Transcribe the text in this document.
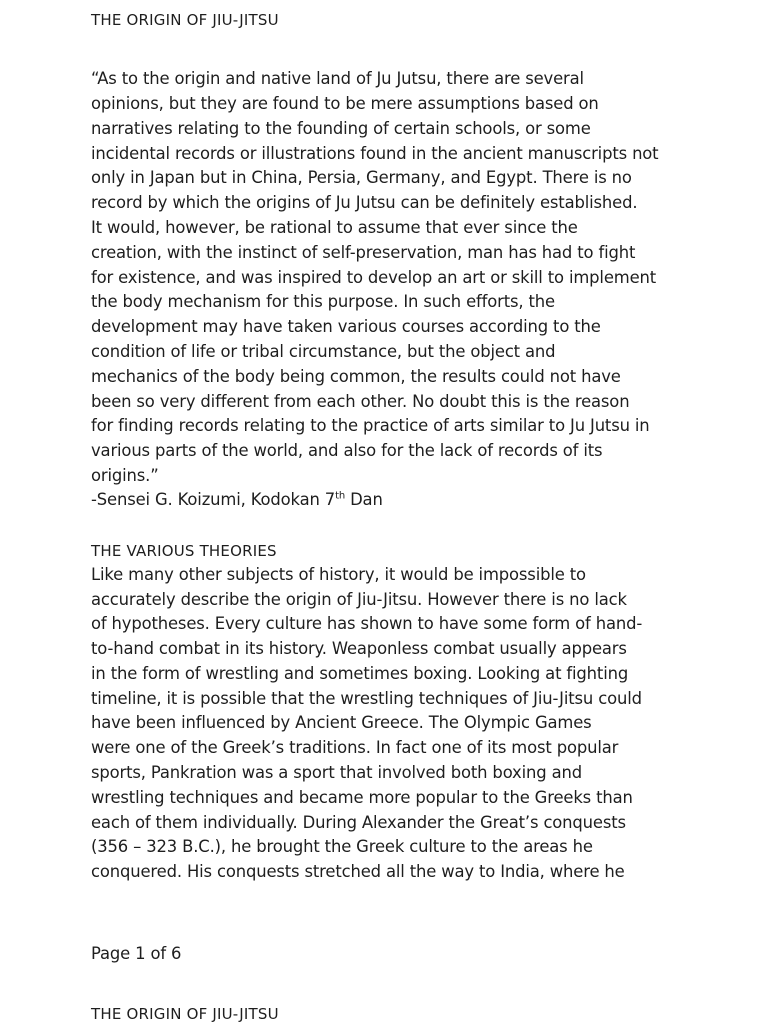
THE ORIGIN OF JIU-JITSU
“As to the origin and native land of Ju Jutsu, there are several
opinions, but they are found to be mere assumptions based on
narratives relating to the founding of certain schools, or some
incidental records or illustrations found in the ancient manuscripts not
only in Japan but in China, Persia, Germany, and Egypt. There is no
record by which the origins of Ju Jutsu can be definitely established.
It would, however, be rational to assume that ever since the
creation, with the instinct of self-preservation, man has had to fight
for existence, and was inspired to develop an art or skill to implement
the body mechanism for this purpose. In such efforts, the
development may have taken various courses according to the
condition of life or tribal circumstance, but the object and
mechanics of the body being common, the results could not have
been so very different from each other. No doubt this is the reason
for finding records relating to the practice of arts similar to Ju Jutsu in
various parts of the world, and also for the lack of records of its
origins.”
-Sensei G. Koizumi, Kodokan 7th Dan
THE VARIOUS THEORIES
Like many other subjects of history, it would be impossible to
accurately describe the origin of Jiu-Jitsu. However there is no lack
of hypotheses. Every culture has shown to have some form of hand-
to-hand combat in its history. Weaponless combat usually appears
in the form of wrestling and sometimes boxing. Looking at fighting
timeline, it is possible that the wrestling techniques of Jiu-Jitsu could
have been influenced by Ancient Greece. The Olympic Games
were one of the Greek’s traditions. In fact one of its most popular
sports, Pankration was a sport that involved both boxing and
wrestling techniques and became more popular to the Greeks than
each of them individually. During Alexander the Great’s conquests
(356 – 323 B.C.), he brought the Greek culture to the areas he
conquered. His conquests stretched all the way to India, where he
Page 1 of 6
THE ORIGIN OF JIU-JITSU
